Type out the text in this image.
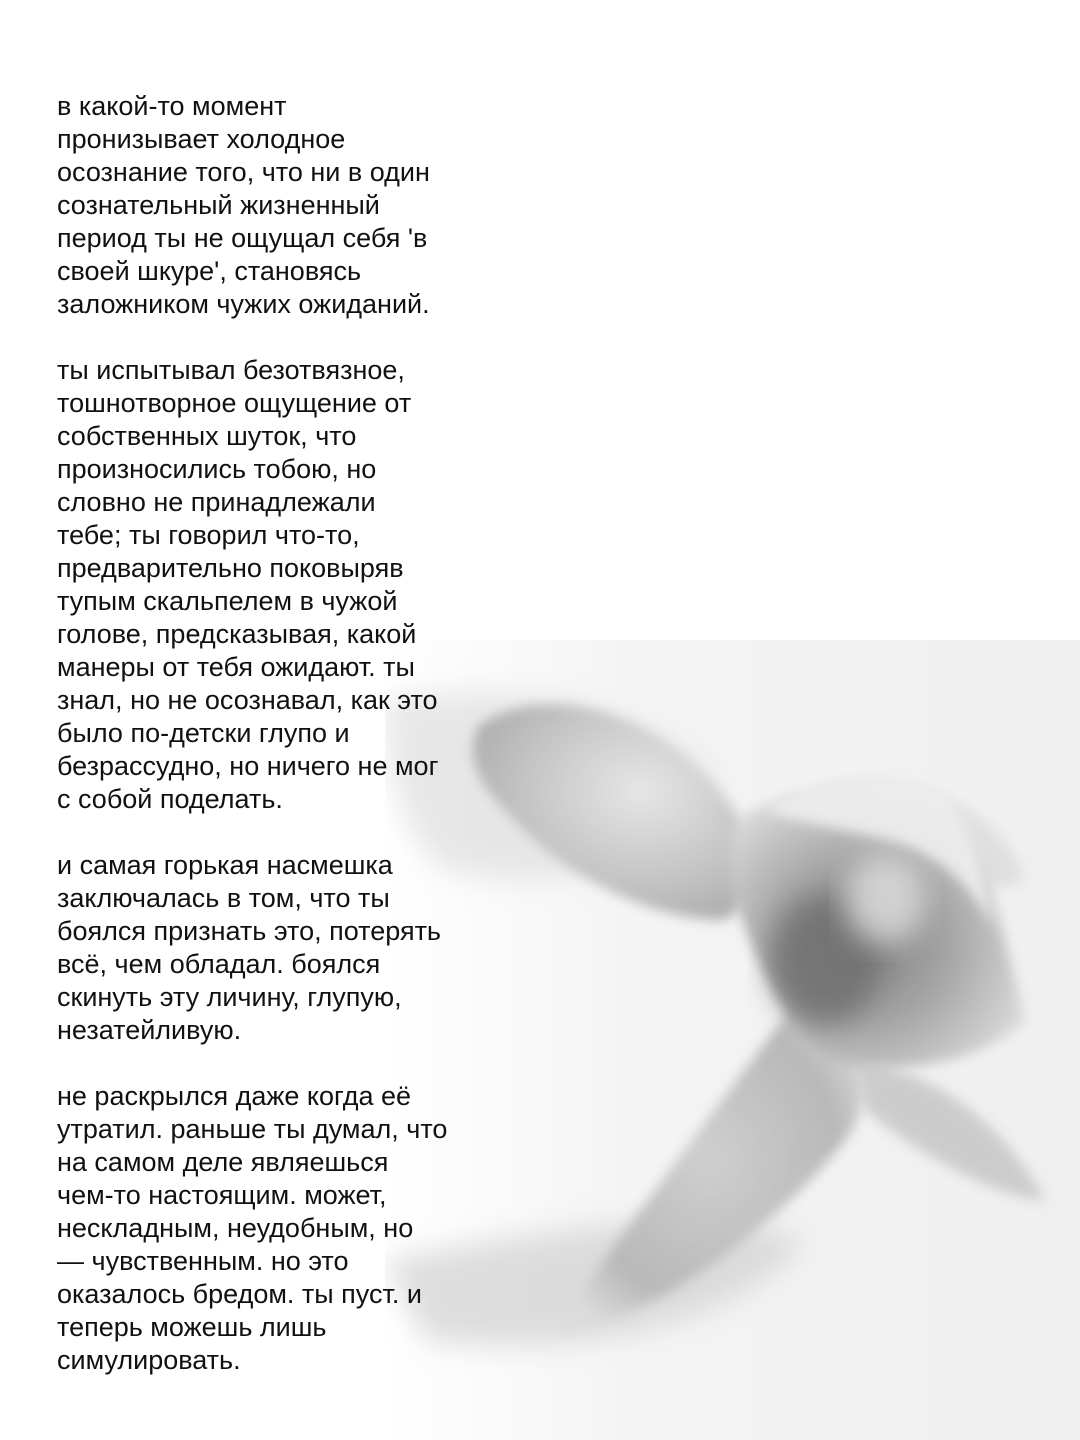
в какой-то момент
пронизывает холодное
осознание того, что ни в один
сознательный жизненный
период ты не ощущал себя 'в
своей шкуре', становясь
заложником чужих ожиданий.
ты испытывал безотвязное,
тошнотворное ощущение от
собственных шуток, что
произносились тобою, но
словно не принадлежали
тебе; ты говорил что-то,
предварительно поковыряв
тупым скальпелем в чужой
голове, предсказывая, какой
манеры от тебя ожидают. ты
знал, но не осознавал, как это
было по-детски глупо и
безрассудно, но ничего не мог
с собой поделать.
и самая горькая насмешка
заключалась в том, что ты
боялся признать это, потерять
всё, чем обладал. боялся
скинуть эту личину, глупую,
незатейливую.
не раскрылся даже когда её
утратил. раньше ты думал, что
на самом деле являешься
чем-то настоящим. может,
нескладным, неудобным, но
— чувственным. но это
оказалось бредом. ты пуст. и
теперь можешь лишь
симулировать.
